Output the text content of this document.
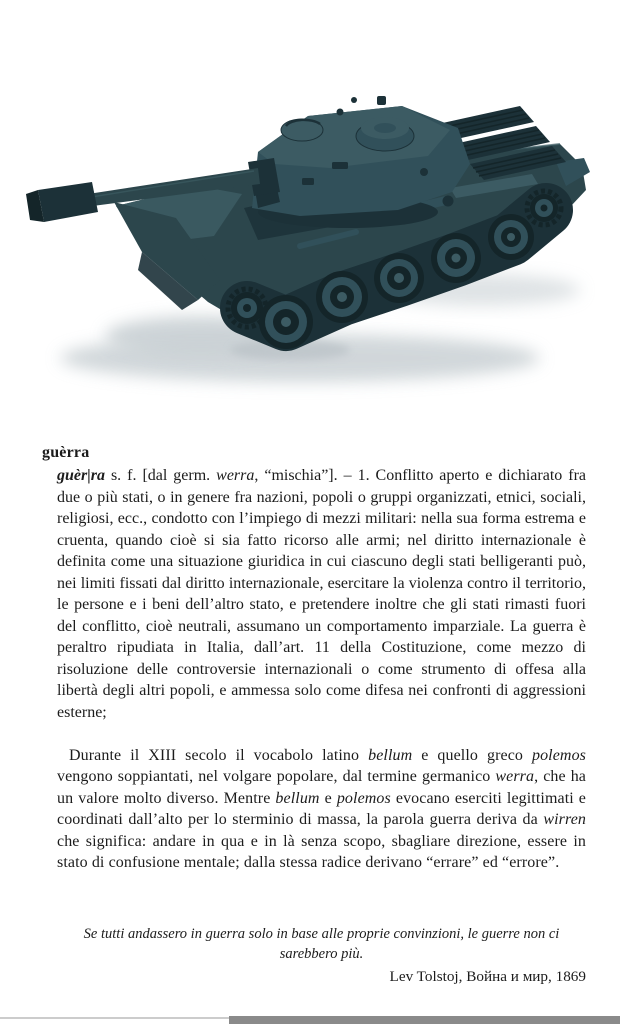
guèrra

guèr|ra s. f. [dal germ. werra, “mischia”]. – 1. Conflitto aperto e dichiarato fra due o più stati, o in genere fra nazioni, popoli o gruppi organizzati, etnici, sociali, religiosi, ecc., condotto con l’impiego di mezzi militari: nella sua forma estrema e cruenta, quando cioè si sia fatto ricorso alle armi; nel diritto internazionale è definita come una situazione giuridica in cui ciascuno degli stati belligeranti può, nei limiti fissati dal diritto internazionale, esercitare la violenza contro il territorio, le persone e i beni dell’altro stato, e pretendere inoltre che gli stati rimasti fuori del conflitto, cioè neutrali, assumano un comportamento imparziale. La guerra è peraltro ripudiata in Italia, dall’art. 11 della Costituzione, come mezzo di risoluzione delle controversie internazionali o come strumento di offesa alla libertà degli altri popoli, e ammessa solo come difesa nei confronti di aggressioni esterne;

Durante il XIII secolo il vocabolo latino bellum e quello greco polemos vengono soppiantati, nel volgare popolare, dal termine germanico werra, che ha un valore molto diverso. Mentre bellum e polemos evocano eserciti legittimati e coordinati dall’alto per lo sterminio di massa, la parola guerra deriva da wirren che significa: andare in qua e in là senza scopo, sbagliare direzione, essere in stato di confusione mentale; dalla stessa radice derivano “errare” ed “errore”.

Se tutti andassero in guerra solo in base alle proprie convinzioni, le guerre non ci sarebbero più.

Lev Tolstoj, Война и мир, 1869
